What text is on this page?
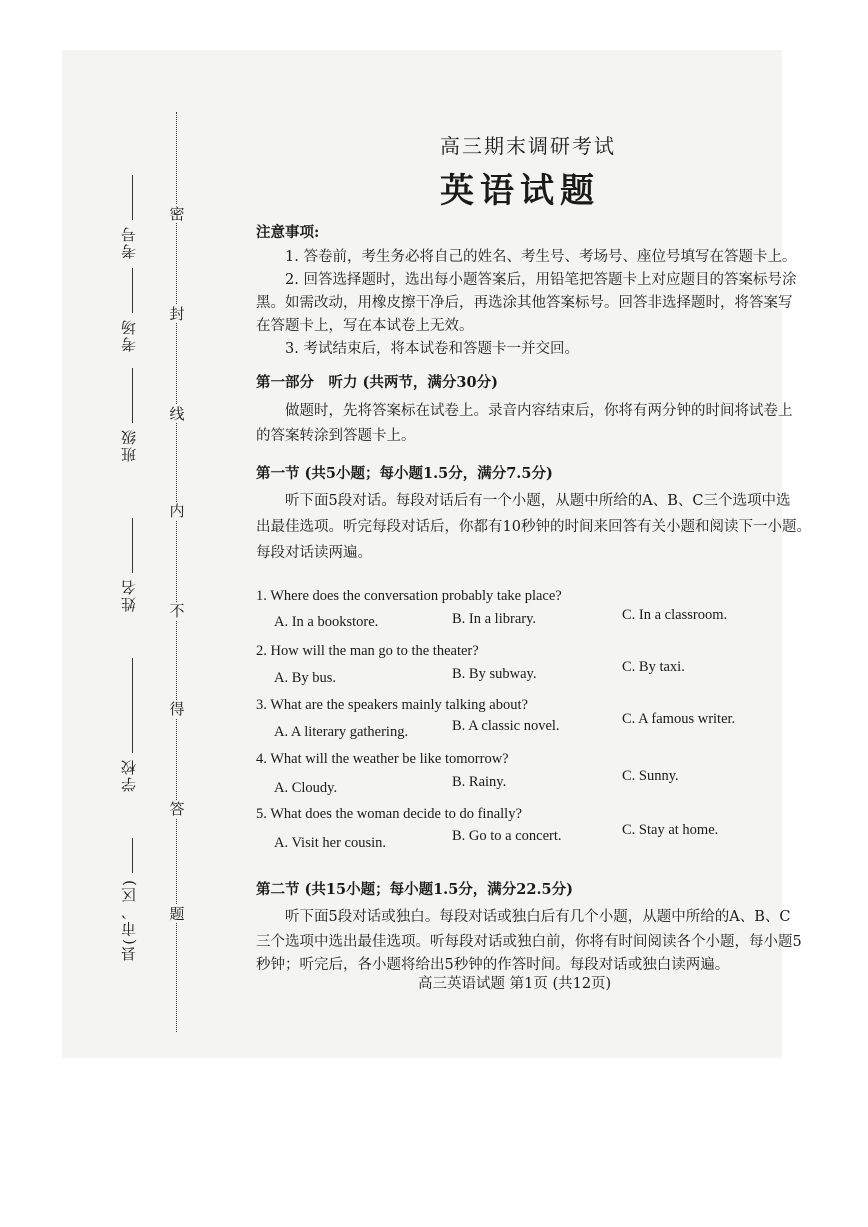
密
封
线
内
不
得
答
题
考号
考场
班级
姓名
学校
县(市、区)
高三期末调研考试
英语试题
注意事项:
1. 答卷前，考生务必将自己的姓名、考生号、考场号、座位号填写在答题卡上。
2. 回答选择题时，选出每小题答案后，用铅笔把答题卡上对应题目的答案标号涂
黑。如需改动，用橡皮擦干净后，再选涂其他答案标号。回答非选择题时，将答案写
在答题卡上，写在本试卷上无效。
3. 考试结束后，将本试卷和答题卡一并交回。
第一部分　听力 (共两节，满分30分)
做题时，先将答案标在试卷上。录音内容结束后，你将有两分钟的时间将试卷上
的答案转涂到答题卡上。
第一节 (共5小题；每小题1.5分，满分7.5分)
听下面5段对话。每段对话后有一个小题，从题中所给的A、B、C三个选项中选
出最佳选项。听完每段对话后，你都有10秒钟的时间来回答有关小题和阅读下一小题。
每段对话读两遍。
1. Where does the conversation probably take place?
A. In a bookstore.	B. In a library.	C. In a classroom.
2. How will the man go to the theater?
A. By bus.	B. By subway.	C. By taxi.
3. What are the speakers mainly talking about?
A. A literary gathering.	B. A classic novel.	C. A famous writer.
4. What will the weather be like tomorrow?
A. Cloudy.	B. Rainy.	C. Sunny.
5. What does the woman decide to do finally?
A. Visit her cousin.	B. Go to a concert.	C. Stay at home.
第二节 (共15小题；每小题1.5分，满分22.5分)
听下面5段对话或独白。每段对话或独白后有几个小题，从题中所给的A、B、C
三个选项中选出最佳选项。听每段对话或独白前，你将有时间阅读各个小题，每小题5
秒钟；听完后，各小题将给出5秒钟的作答时间。每段对话或独白读两遍。
高三英语试题 第1页 (共12页)
